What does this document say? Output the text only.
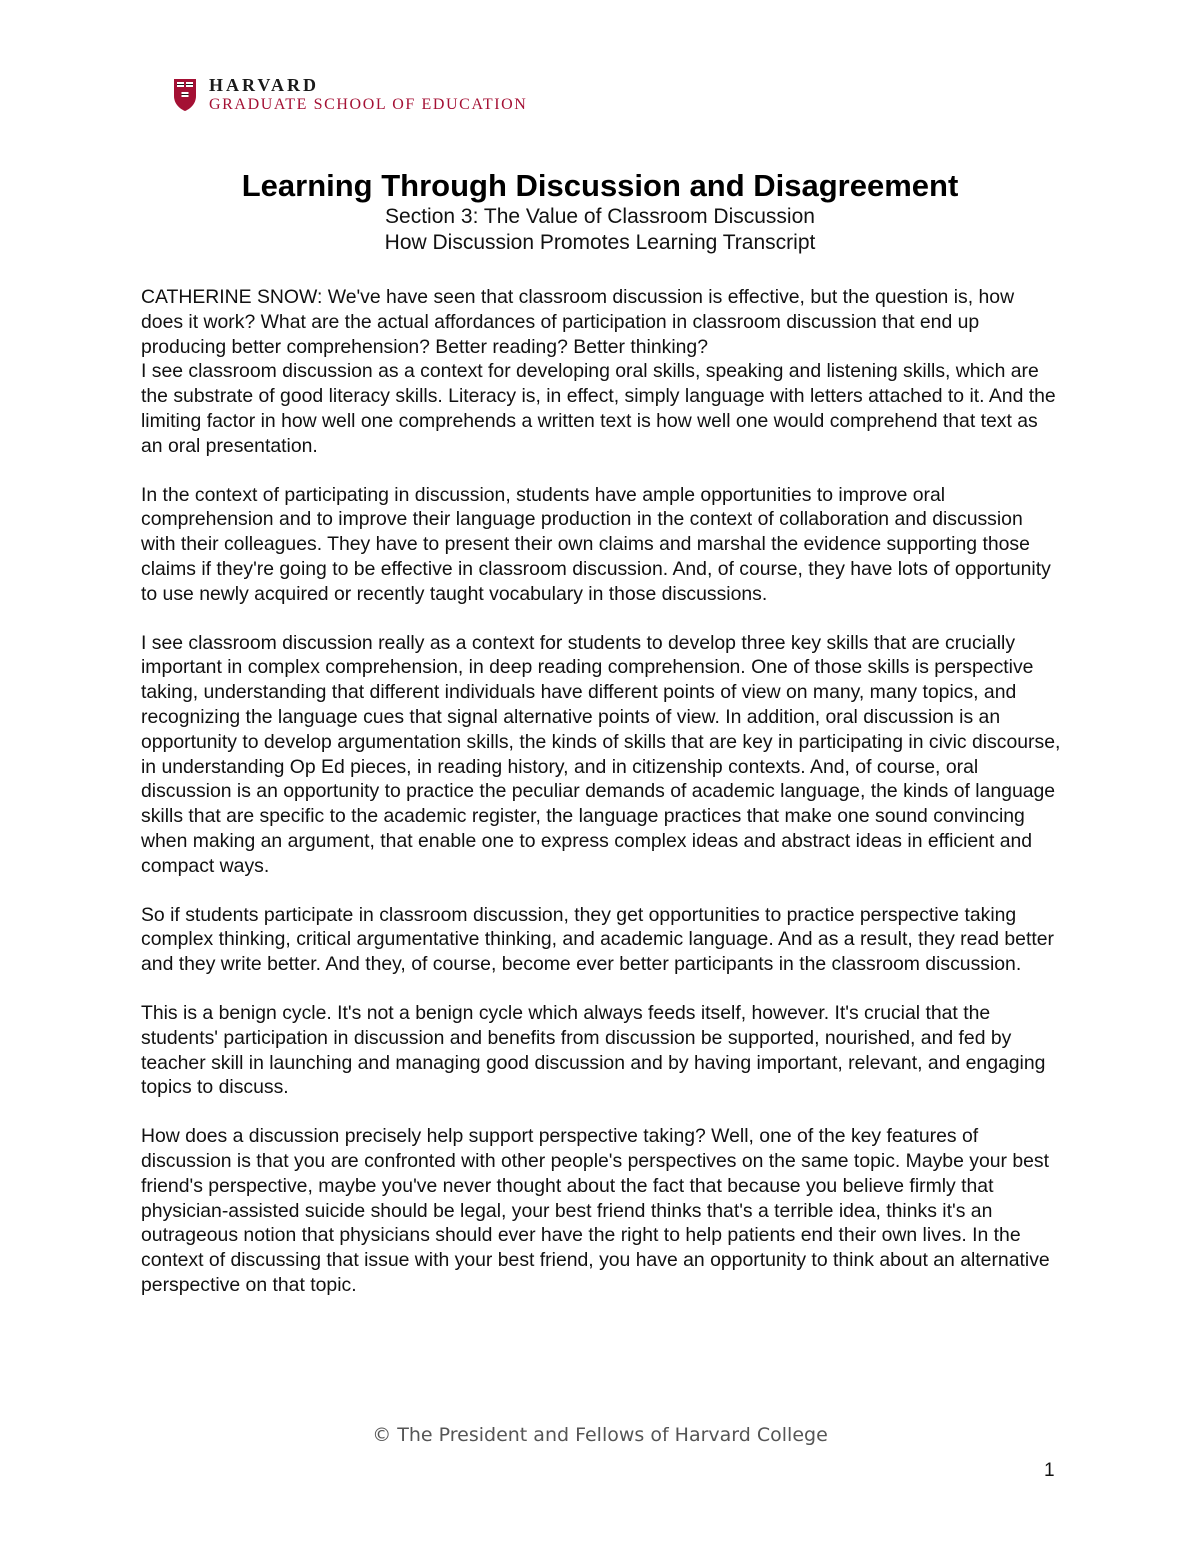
HARVARD
GRADUATE SCHOOL OF EDUCATION
Learning Through Discussion and Disagreement
Section 3: The Value of Classroom Discussion
How Discussion Promotes Learning Transcript

CATHERINE SNOW: We've have seen that classroom discussion is effective, but the question is, how does it work? What are the actual affordances of participation in classroom discussion that end up producing better comprehension? Better reading? Better thinking?

I see classroom discussion as a context for developing oral skills, speaking and listening skills, which are the substrate of good literacy skills. Literacy is, in effect, simply language with letters attached to it. And the limiting factor in how well one comprehends a written text is how well one would comprehend that text as an oral presentation.

In the context of participating in discussion, students have ample opportunities to improve oral comprehension and to improve their language production in the context of collaboration and discussion with their colleagues. They have to present their own claims and marshal the evidence supporting those claims if they're going to be effective in classroom discussion. And, of course, they have lots of opportunity to use newly acquired or recently taught vocabulary in those discussions.

I see classroom discussion really as a context for students to develop three key skills that are crucially important in complex comprehension, in deep reading comprehension. One of those skills is perspective taking, understanding that different individuals have different points of view on many, many topics, and recognizing the language cues that signal alternative points of view. In addition, oral discussion is an opportunity to develop argumentation skills, the kinds of skills that are key in participating in civic discourse, in understanding Op Ed pieces, in reading history, and in citizenship contexts. And, of course, oral discussion is an opportunity to practice the peculiar demands of academic language, the kinds of language skills that are specific to the academic register, the language practices that make one sound convincing when making an argument, that enable one to express complex ideas and abstract ideas in efficient and compact ways.

So if students participate in classroom discussion, they get opportunities to practice perspective taking complex thinking, critical argumentative thinking, and academic language. And as a result, they read better and they write better. And they, of course, become ever better participants in the classroom discussion.

This is a benign cycle. It's not a benign cycle which always feeds itself, however. It's crucial that the students' participation in discussion and benefits from discussion be supported, nourished, and fed by teacher skill in launching and managing good discussion and by having important, relevant, and engaging topics to discuss.

How does a discussion precisely help support perspective taking? Well, one of the key features of discussion is that you are confronted with other people's perspectives on the same topic. Maybe your best friend's perspective, maybe you've never thought about the fact that because you believe firmly that physician-assisted suicide should be legal, your best friend thinks that's a terrible idea, thinks it's an outrageous notion that physicians should ever have the right to help patients end their own lives. In the context of discussing that issue with your best friend, you have an opportunity to think about an alternative perspective on that topic.

© The President and Fellows of Harvard College
1
